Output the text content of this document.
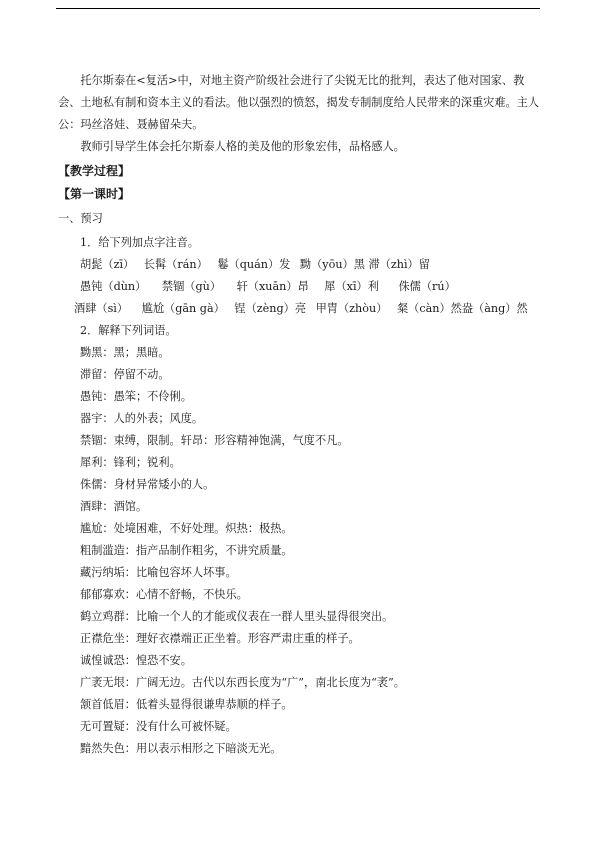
托尔斯泰在<复活>中，对地主资产阶级社会进行了尖锐无比的批判，表达了他对国家、教会、土地私有制和资本主义的看法。他以强烈的愤怒，揭发专制制度给人民带来的深重灾难。主人公：玛丝洛娃、聂赫留朵夫。
教师引导学生体会托尔斯泰人格的美及他的形象宏伟，品格感人。
【教学过程】
【第一课时】
一、预习
1．给下列加点字注音。
胡髭（zī） 长髯（rán） 鬈（quán）发 黝（yōu）黑 滞（zhì）留
愚钝（dùn） 禁锢（gù） 轩（xuān）昂 犀（xī）利 侏儒（rú）
酒肆（sì） 尴尬（gān gà） 锃（zèng）亮 甲胄（zhòu） 粲（càn）然盎（àng）然
2．解释下列词语。
黝黑：黑；黑暗。
滞留：停留不动。
愚钝：愚笨；不伶俐。
器宇：人的外表；风度。
禁锢：束缚，限制。轩昂：形容精神饱满，气度不凡。
犀利：锋利；锐利。
侏儒：身材异常矮小的人。
酒肆：酒馆。
尴尬：处境困难，不好处理。炽热：极热。
粗制滥造：指产品制作粗劣，不讲究质量。
藏污纳垢：比喻包容坏人坏事。
郁郁寡欢：心情不舒畅，不快乐。
鹤立鸡群：比喻一个人的才能或仪表在一群人里头显得很突出。
正襟危坐：理好衣襟端正正坐着。形容严肃庄重的样子。
诚惶诚恐：惶恐不安。
广袤无垠：广阔无边。古代以东西长度为“广”，南北长度为“袤”。
颔首低眉：低着头显得很谦卑恭顺的样子。
无可置疑：没有什么可被怀疑。
黯然失色：用以表示相形之下暗淡无光。
